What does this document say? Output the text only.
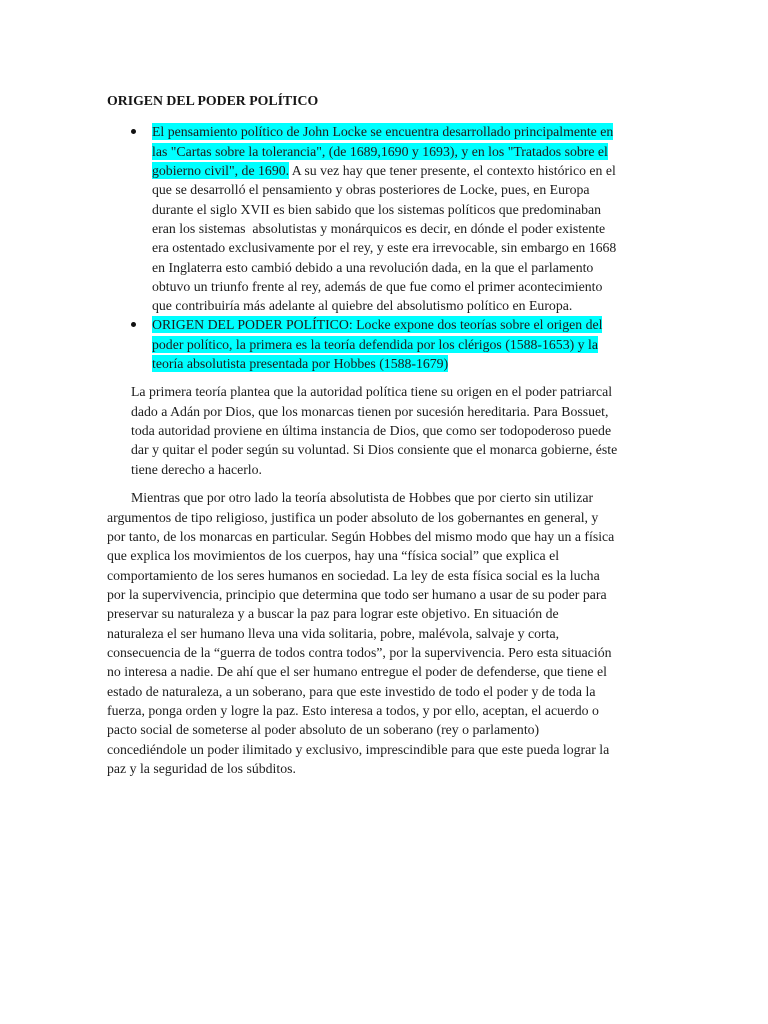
ORIGEN DEL PODER POLÍTICO
El pensamiento político de John Locke se encuentra desarrollado principalmente en
las "Cartas sobre la tolerancia", (de 1689,1690 y 1693), y en los "Tratados sobre el
gobierno civil", de 1690. A su vez hay que tener presente, el contexto histórico en el
que se desarrolló el pensamiento y obras posteriores de Locke, pues, en Europa
durante el siglo XVII es bien sabido que los sistemas políticos que predominaban
eran los sistemas  absolutistas y monárquicos es decir, en dónde el poder existente
era ostentado exclusivamente por el rey, y este era irrevocable, sin embargo en 1668
en Inglaterra esto cambió debido a una revolución dada, en la que el parlamento
obtuvo un triunfo frente al rey, además de que fue como el primer acontecimiento
que contribuiría más adelante al quiebre del absolutismo político en Europa.
ORIGEN DEL PODER POLÍTICO: Locke expone dos teorías sobre el origen del
poder político, la primera es la teoría defendida por los clérigos (1588-1653) y la
teoría absolutista presentada por Hobbes (1588-1679)
La primera teoría plantea que la autoridad política tiene su origen en el poder patriarcal
dado a Adán por Dios, que los monarcas tienen por sucesión hereditaria. Para Bossuet,
toda autoridad proviene en última instancia de Dios, que como ser todopoderoso puede
dar y quitar el poder según su voluntad. Si Dios consiente que el monarca gobierne, éste
tiene derecho a hacerlo.
Mientras que por otro lado la teoría absolutista de Hobbes que por cierto sin utilizar
argumentos de tipo religioso, justifica un poder absoluto de los gobernantes en general, y
por tanto, de los monarcas en particular. Según Hobbes del mismo modo que hay un a física
que explica los movimientos de los cuerpos, hay una “física social” que explica el
comportamiento de los seres humanos en sociedad. La ley de esta física social es la lucha
por la supervivencia, principio que determina que todo ser humano a usar de su poder para
preservar su naturaleza y a buscar la paz para lograr este objetivo. En situación de
naturaleza el ser humano lleva una vida solitaria, pobre, malévola, salvaje y corta,
consecuencia de la “guerra de todos contra todos”, por la supervivencia. Pero esta situación
no interesa a nadie. De ahí que el ser humano entregue el poder de defenderse, que tiene el
estado de naturaleza, a un soberano, para que este investido de todo el poder y de toda la
fuerza, ponga orden y logre la paz. Esto interesa a todos, y por ello, aceptan, el acuerdo o
pacto social de someterse al poder absoluto de un soberano (rey o parlamento)
concediéndole un poder ilimitado y exclusivo, imprescindible para que este pueda lograr la
paz y la seguridad de los súbditos.
